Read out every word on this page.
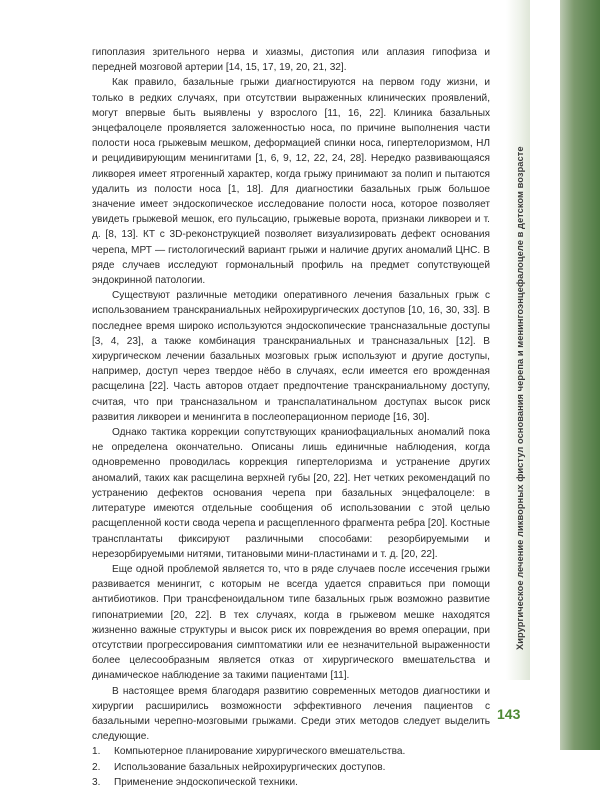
Хирургическое лечение ликворных фистул основания черепа и менингоэнцефалоцеле в детском возрасте

гипоплазия зрительного нерва и хиазмы, дистопия или аплазия гипофиза и передней мозговой артерии [14, 15, 17, 19, 20, 21, 32].

Как правило, базальные грыжи диагностируются на первом году жизни, и только в редких случаях, при отсутствии выраженных клинических проявлений, могут впервые быть выявлены у взрослого [11, 16, 22]. Клиника базальных энцефалоцеле проявляется заложенностью носа, по причине выполнения части полости носа грыжевым мешком, деформацией спинки носа, гипертелоризмом, НЛ и рецидивирующим менингитами [1, 6, 9, 12, 22, 24, 28]. Нередко развивающаяся ликворея имеет ятрогенный характер, когда грыжу принимают за полип и пытаются удалить из полости носа [1, 18]. Для диагностики базальных грыж большое значение имеет эндоскопическое исследование полости носа, которое позволяет увидеть грыжевой мешок, его пульсацию, грыжевые ворота, признаки ликвореи и т. д. [8, 13]. КТ с 3D-реконструкцией позволяет визуализировать дефект основания черепа, МРТ — гистологический вариант грыжи и наличие других аномалий ЦНС. В ряде случаев исследуют гормональный профиль на предмет сопутствующей эндокринной патологии.

Существуют различные методики оперативного лечения базальных грыж с использованием транскраниальных нейрохирургических доступов [10, 16, 30, 33]. В последнее время широко используются эндоскопические трансназальные доступы [3, 4, 23], а также комбинация транскраниальных и трансназальных [12]. В хирургическом лечении базальных мозговых грыж используют и другие доступы, например, доступ через твердое нёбо в случаях, если имеется его врожденная расщелина [22]. Часть авторов отдает предпочтение транскраниальному доступу, считая, что при трансназальном и транспалатинальном доступах высок риск развития ликвореи и менингита в послеоперационном периоде [16, 30].

Однако тактика коррекции сопутствующих краниофациальных аномалий пока не определена окончательно. Описаны лишь единичные наблюдения, когда одновременно проводилась коррекция гипертелоризма и устранение других аномалий, таких как расщелина верхней губы [20, 22]. Нет четких рекомендаций по устранению дефектов основания черепа при базальных энцефалоцеле: в литературе имеются отдельные сообщения об использовании с этой целью расщепленной кости свода черепа и расщепленного фрагмента ребра [20]. Костные трансплантаты фиксируют различными способами: резорбируемыми и нерезорбируемыми нитями, титановыми мини-пластинами и т. д. [20, 22].

Еще одной проблемой является то, что в ряде случаев после иссечения грыжи развивается менингит, с которым не всегда удается справиться при помощи антибиотиков. При трансфеноидальном типе базальных грыж возможно развитие гипонатриемии [20, 22]. В тех случаях, когда в грыжевом мешке находятся жизненно важные структуры и высок риск их повреждения во время операции, при отсутствии прогрессирования симптоматики или ее незначительной выраженности более целесообразным является отказ от хирургического вмешательства и динамическое наблюдение за такими пациентами [11].

В настоящее время благодаря развитию современных методов диагностики и хирургии расширились возможности эффективного лечения пациентов с базальными черепно-мозговыми грыжами. Среди этих методов следует выделить следующие.

1.	Компьютерное планирование хирургического вмешательства.
2.	Использование базальных нейрохирургических доступов.
3.	Применение эндоскопической техники.
143
